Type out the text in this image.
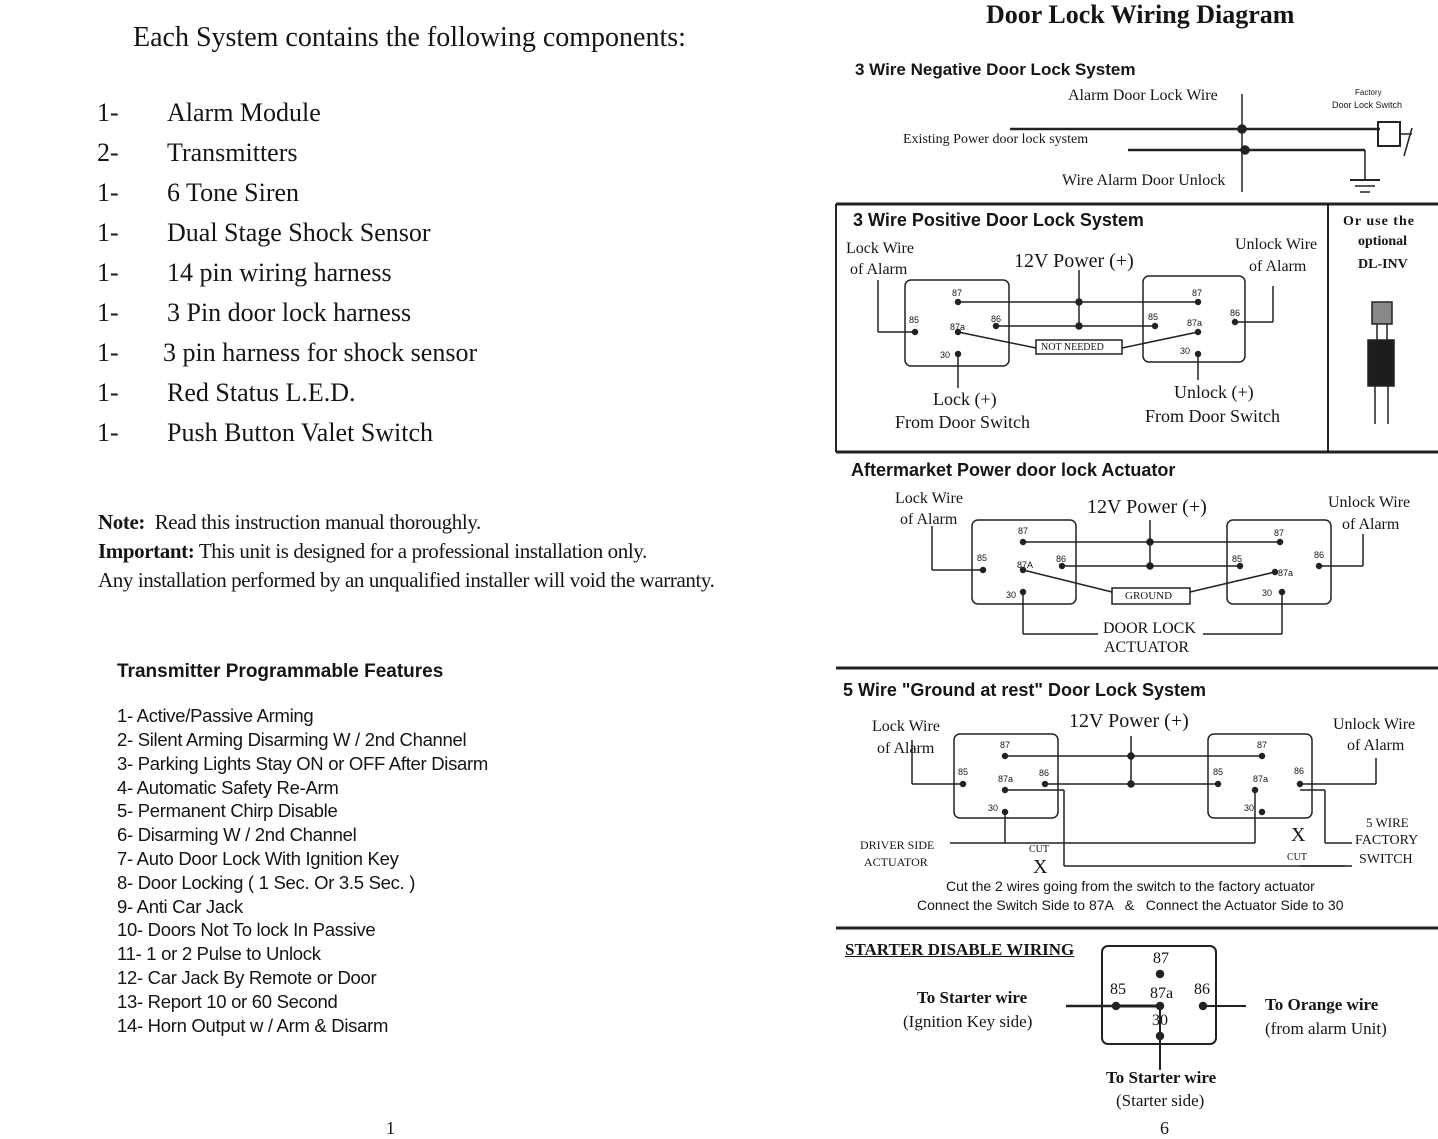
Each System contains the following components:
1-	Alarm Module
2-	Transmitters
1-	6 Tone Siren
1-	Dual Stage Shock Sensor
1-	14 pin wiring harness
1-	3 Pin door lock harness
1-	3 pin harness for shock sensor
1-	Red Status L.E.D.
1-	Push Button Valet Switch
Note: Read this instruction manual thoroughly.
Important: This unit is designed for a professional installation only.
Any installation performed by an unqualified installer will void the warranty.
Transmitter Programmable Features
1- Active/Passive Arming
2- Silent Arming Disarming W / 2nd Channel
3- Parking Lights Stay ON or OFF After Disarm
4- Automatic Safety Re-Arm
5- Permanent Chirp Disable
6- Disarming W / 2nd Channel
7- Auto Door Lock With Ignition Key
8- Door Locking ( 1 Sec. Or 3.5 Sec. )
9- Anti Car Jack
10- Doors Not To lock In Passive
11- 1 or 2 Pulse to Unlock
12- Car Jack By Remote or Door
13- Report 10 or 60 Second
14- Horn Output w / Arm & Disarm
1
Door Lock Wiring Diagram
3 Wire Negative Door Lock System
Alarm Door Lock Wire
Existing Power door lock system
Wire Alarm Door Unlock
Factory
Door Lock Switch
3 Wire Positive Door Lock System
Lock Wire
of Alarm	12V Power (+)
Unlock Wire
of Alarm
NOT NEEDED
Lock (+)
From Door Switch
Unlock (+)
From Door Switch
Or use the
optional
DL-INV
87
85
87a
86
30
87
85
87a
86
30
Aftermarket Power door lock Actuator
Lock Wire
of Alarm
12V Power (+)	Unlock Wire
of Alarm
GROUND
DOOR LOCK
ACTUATOR
87
85
87A
86
30
87
85
87a
86
30
5 Wire "Ground at rest" Door Lock System
Lock Wire
of Alarm
12V Power (+)	Unlock Wire
of Alarm
DRIVER SIDE
ACTUATOR
CUT
X
X
CUT
5 WIRE
FACTORY
SWITCH
Cut the 2 wires going from the switch to the factory actuator
Connect the Switch Side to 87A   &   Connect the Actuator Side to 30
87
85
87a
86
30
87
85
87a
86
30
STARTER DISABLE WIRING
To Starter wire
(Ignition Key side)
To Orange wire
(from alarm Unit)
To Starter wire
(Starter side)
87
85 87a 86
30
6
